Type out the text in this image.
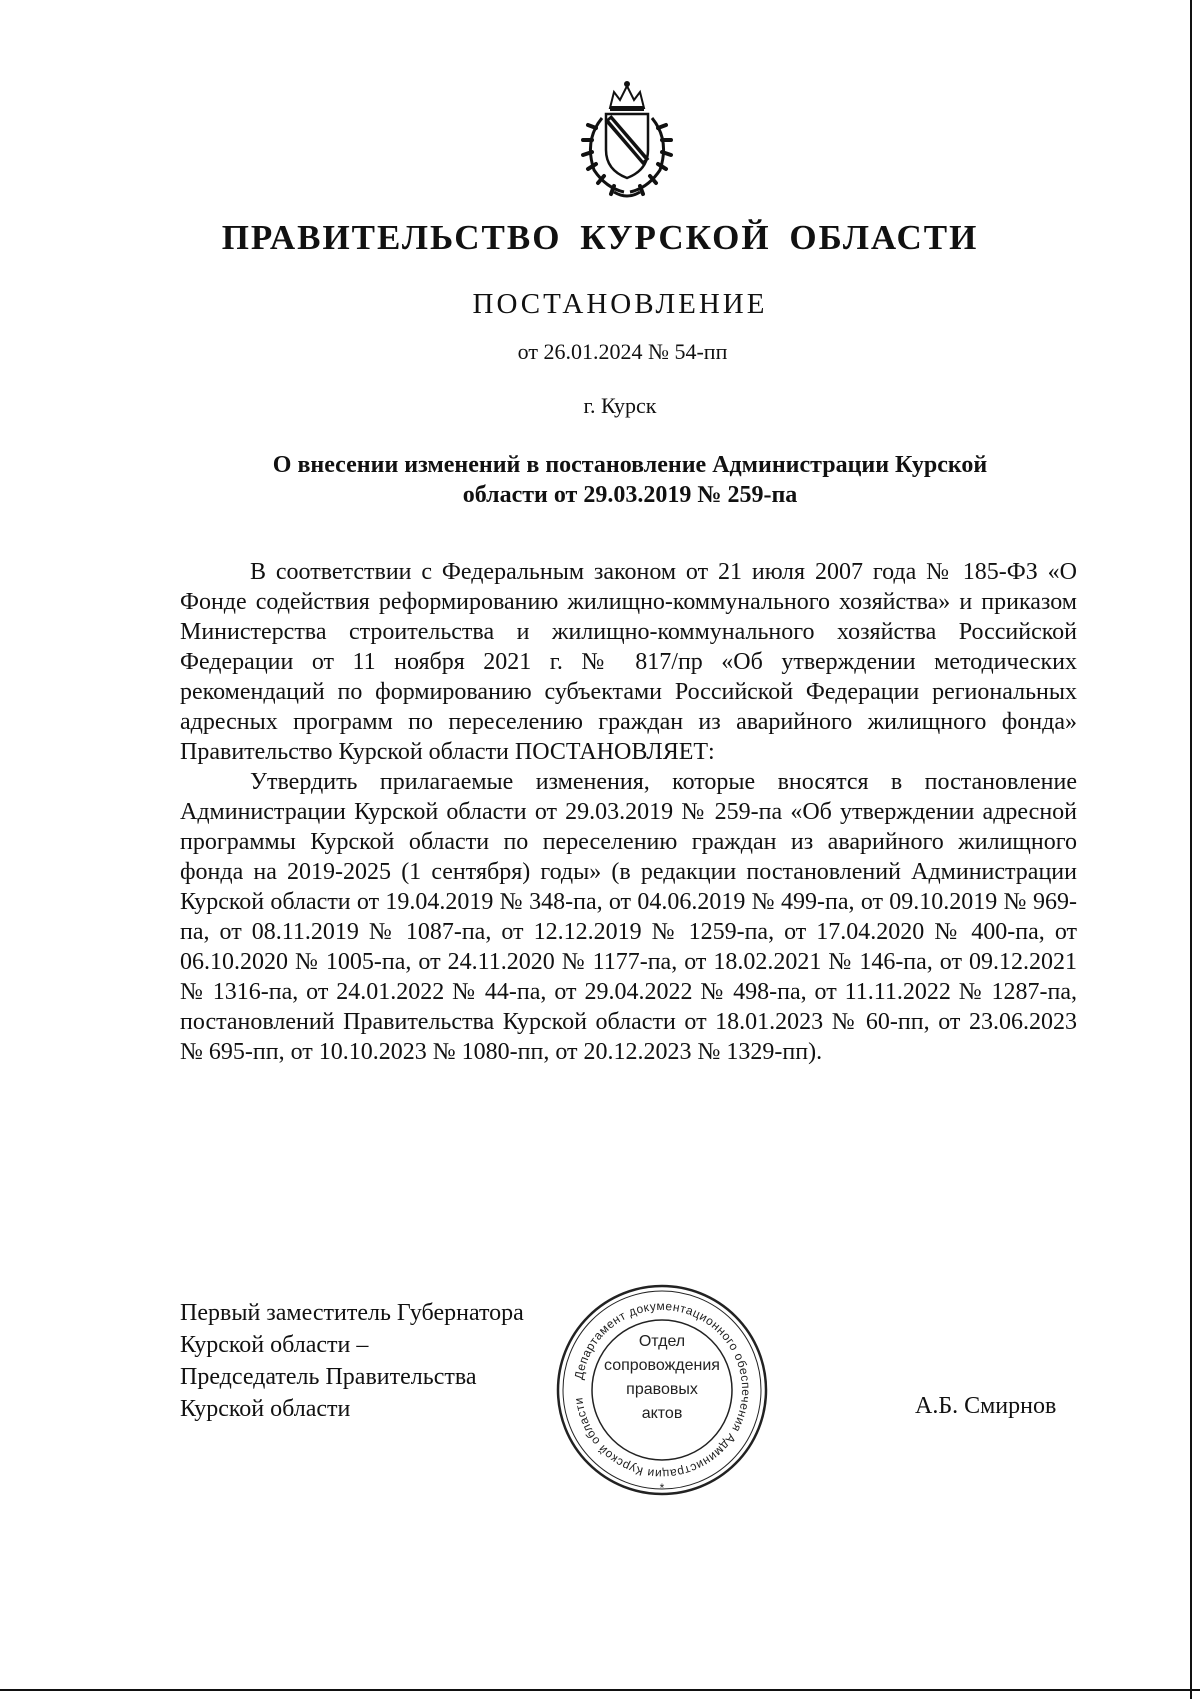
ПРАВИТЕЛЬСТВО КУРСКОЙ ОБЛАСТИ
ПОСТАНОВЛЕНИЕ
от 26.01.2024 № 54-пп
г. Курск
О внесении изменений в постановление Администрации Курской
области от 29.03.2019 № 259-па

В соответствии с Федеральным законом от 21 июля 2007 года № 185-ФЗ «О Фонде содействия реформированию жилищно-коммунального хозяйства» и приказом Министерства строительства и жилищно-коммунального хозяйства Российской Федерации от 11 ноября 2021 г. № 817/пр «Об утверждении методических рекомендаций по формированию субъектами Российской Федерации региональных адресных программ по переселению граждан из аварийного жилищного фонда» Правительство Курской области ПОСТАНОВЛЯЕТ:

Утвердить прилагаемые изменения, которые вносятся в постановление Администрации Курской области от 29.03.2019 № 259-па «Об утверждении адресной программы Курской области по переселению граждан из аварийного жилищного фонда на 2019-2025 (1 сентября) годы» (в редакции постановлений Администрации Курской области от 19.04.2019 № 348-па, от 04.06.2019 № 499-па, от 09.10.2019 № 969-па, от 08.11.2019 № 1087-па, от 12.12.2019 № 1259-па, от 17.04.2020 № 400-па, от 06.10.2020 № 1005-па, от 24.11.2020 № 1177-па, от 18.02.2021 № 146-па, от 09.12.2021 № 1316-па, от 24.01.2022 № 44-па, от 29.04.2022 № 498-па, от 11.11.2022 № 1287-па, постановлений Правительства Курской области от 18.01.2023 № 60-пп, от 23.06.2023 № 695-пп, от 10.10.2023 № 1080-пп, от 20.12.2023 № 1329-пп).

Первый заместитель Губернатора
Курской области –
Председатель Правительства
Курской области
Департамент документационного обеспечения Администрации Курской области
*
Отдел
сопровождения
правовых
актов	А.Б. Смирнов
